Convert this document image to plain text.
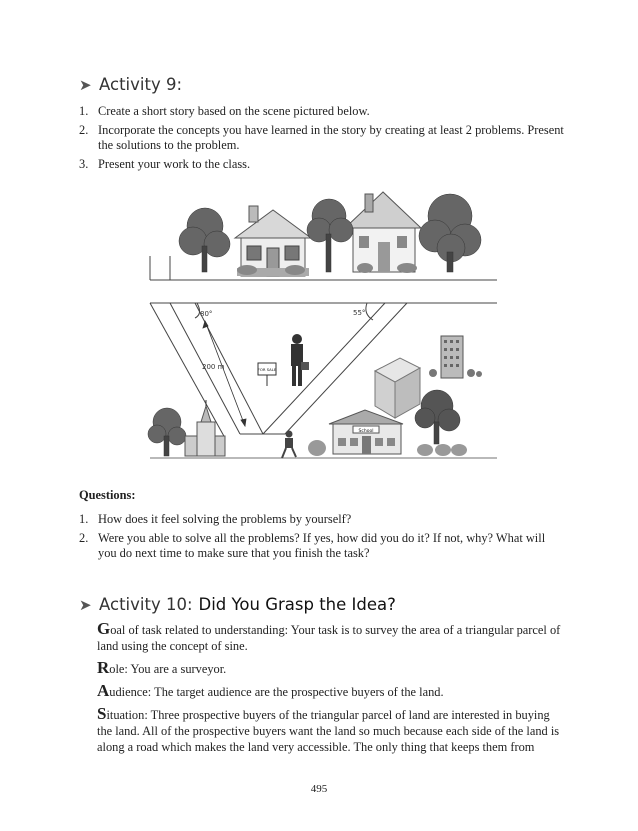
➤ Activity 9:
1. Create a short story based on the scene pictured below.
2. Incorporate the concepts you have learned in the story by creating at least 2 problems. Present the solutions to the problem.
3. Present your work to the class.
80°	55°
200 m	FOR SALE
School
Questions:
1. How does it feel solving the problems by yourself?
2. Were you able to solve all the problems? If yes, how did you do it? If not, why? What will you do next time to make sure that you finish the task?
➤ Activity 10: Did You Grasp the Idea?

Goal of task related to understanding: Your task is to survey the area of a triangular parcel of land using the concept of sine.

Role: You are a surveyor.

Audience: The target audience are the prospective buyers of the land.

Situation: Three prospective buyers of the triangular parcel of land are interested in buying the land. All of the prospective buyers want the land so much because each side of the land is along a road which makes the land very accessible. The only thing that keeps them from

495
